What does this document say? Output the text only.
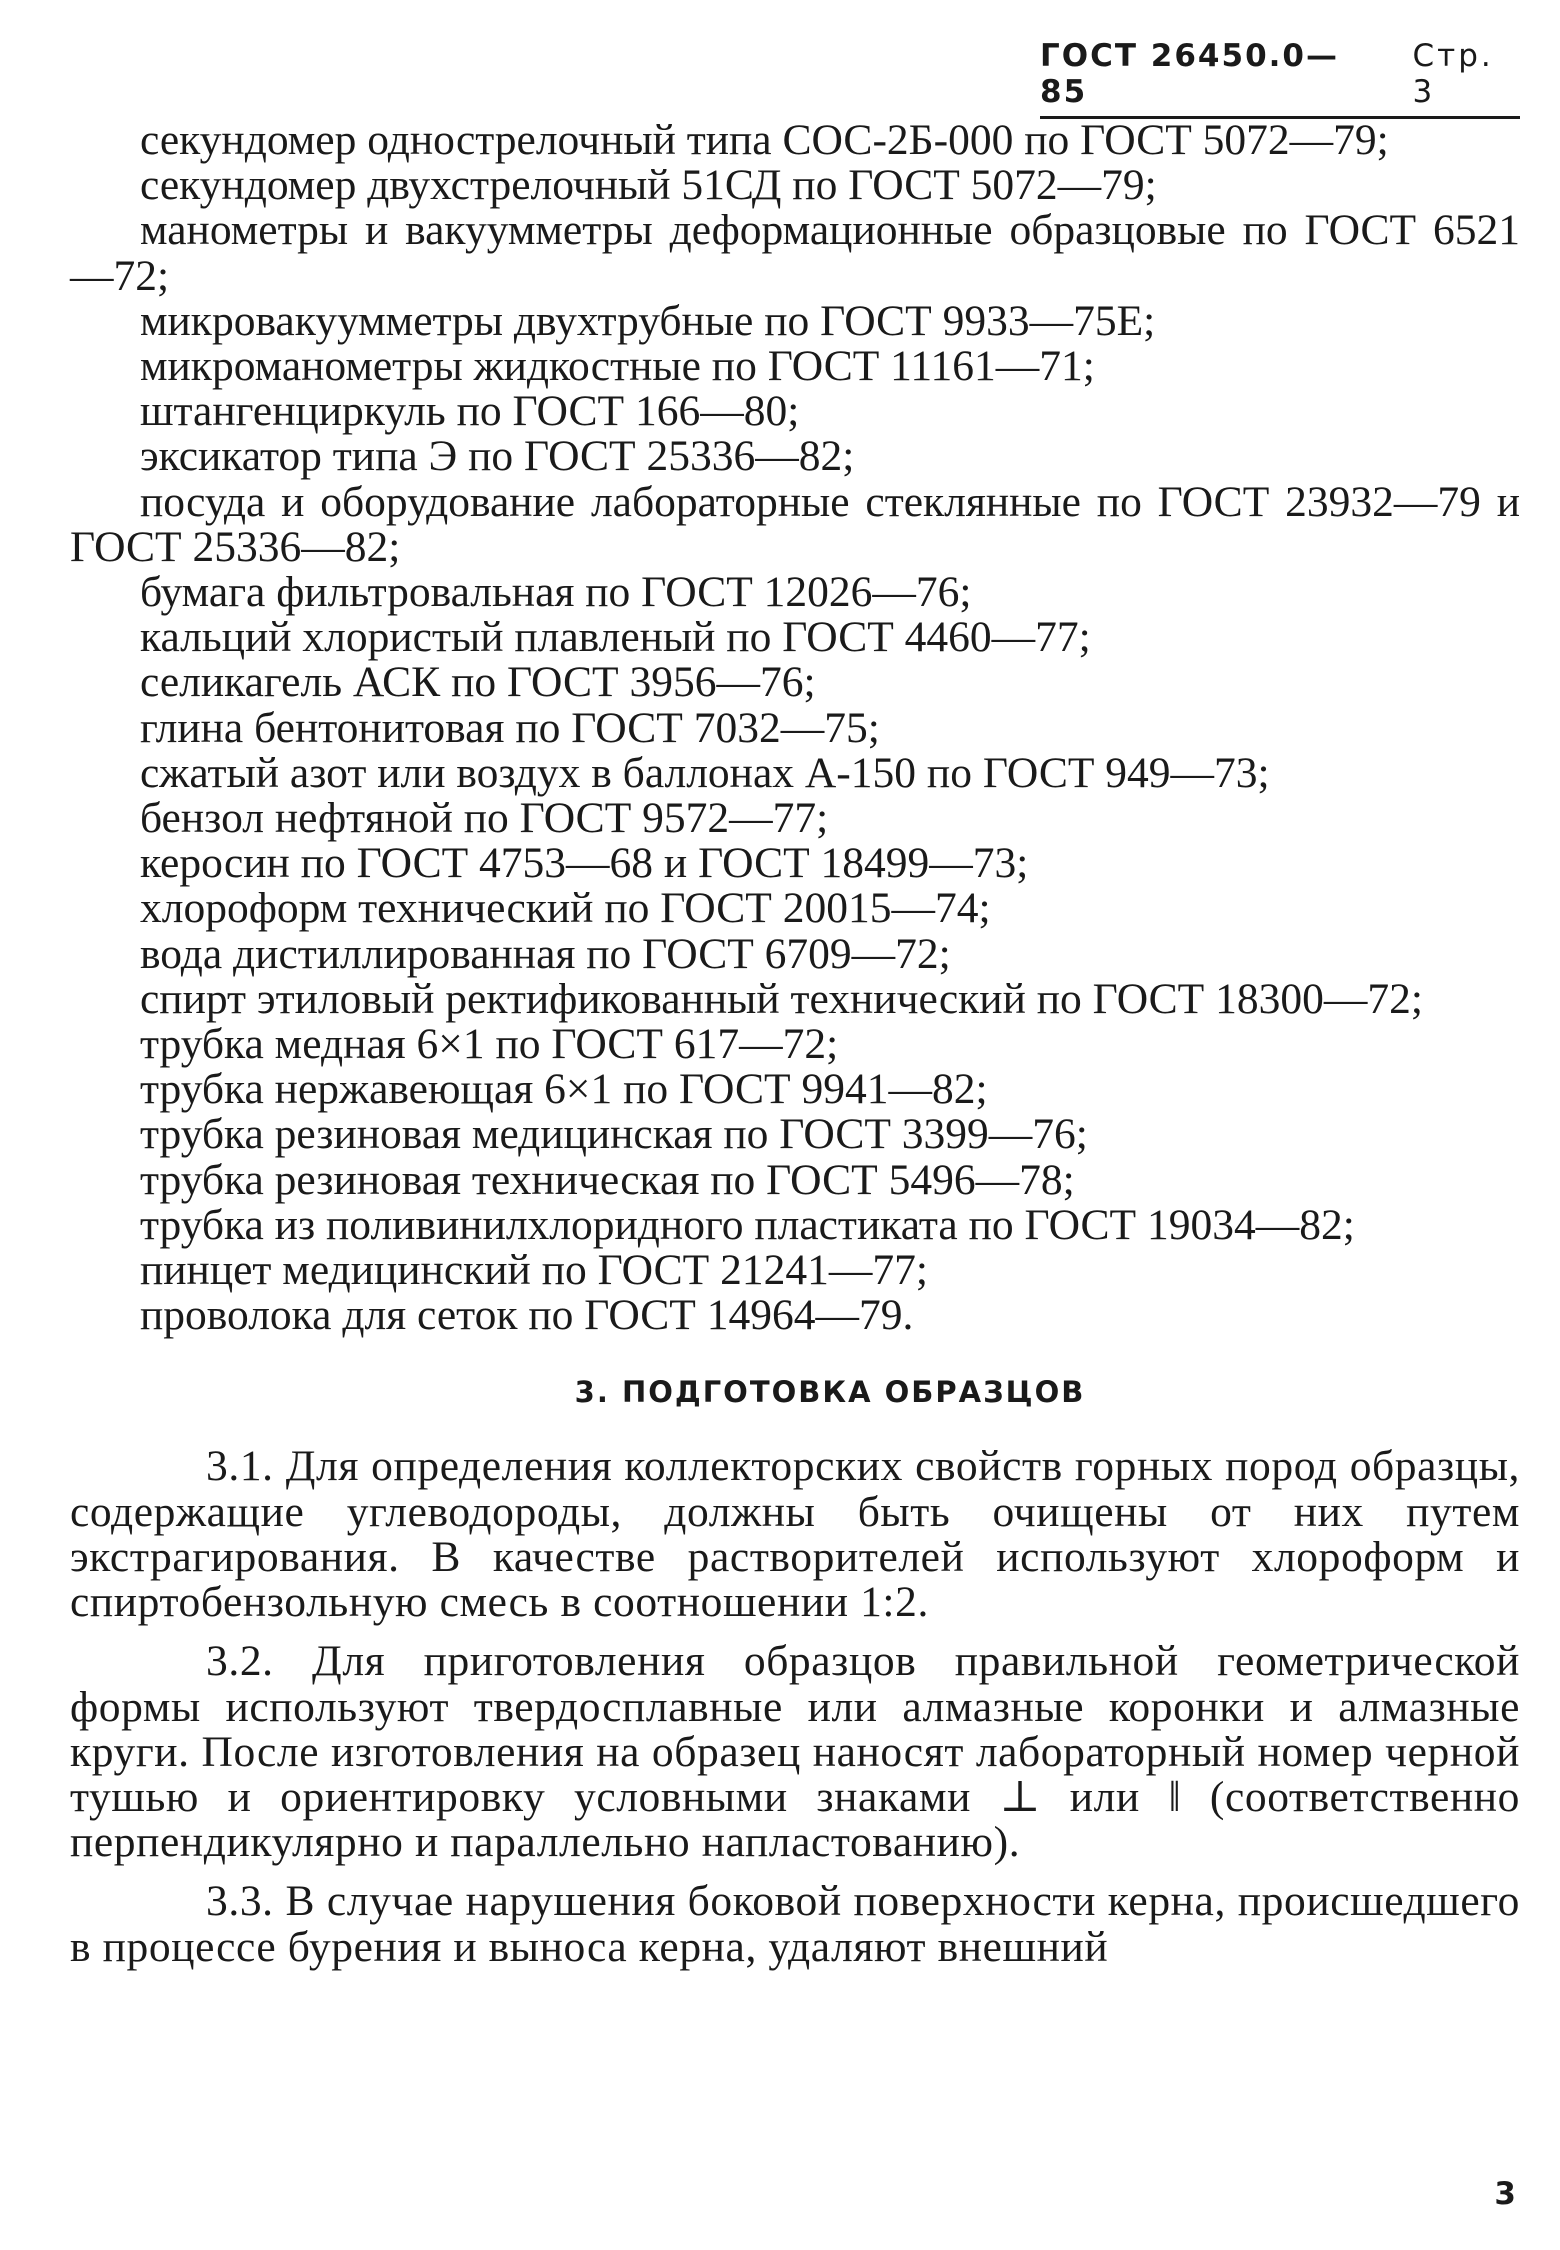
ГОСТ 26450.0—85
Стр. 3

секундомер однострелочный типа СОС-2Б-000 по ГОСТ 5072—79;

секундомер двухстрелочный 51СД по ГОСТ 5072—79;

манометры и вакуумметры деформационные образцовые по ГОСТ 6521—72;

микровакуумметры двухтрубные по ГОСТ 9933—75Е;

микроманометры жидкостные по ГОСТ 11161—71;

штангенциркуль по ГОСТ 166—80;

эксикатор типа Э по ГОСТ 25336—82;

посуда и оборудование лабораторные стеклянные по ГОСТ 23932—79 и ГОСТ 25336—82;

бумага фильтровальная по ГОСТ 12026—76;

кальций хлористый плавленый по ГОСТ 4460—77;

селикагель АСК по ГОСТ 3956—76;

глина бентонитовая по ГОСТ 7032—75;

сжатый азот или воздух в баллонах А-150 по ГОСТ 949—73;

бензол нефтяной по ГОСТ 9572—77;

керосин по ГОСТ 4753—68 и ГОСТ 18499—73;

хлороформ технический по ГОСТ 20015—74;

вода дистиллированная по ГОСТ 6709—72;

спирт этиловый ректификованный технический по ГОСТ 18300—72;

трубка медная 6×1 по ГОСТ 617—72;

трубка нержавеющая 6×1 по ГОСТ 9941—82;

трубка резиновая медицинская по ГОСТ 3399—76;

трубка резиновая техническая по ГОСТ 5496—78;

трубка из поливинилхлоридного пластиката по ГОСТ 19034—82;

пинцет медицинский по ГОСТ 21241—77;

проволока для сеток по ГОСТ 14964—79.

3. ПОДГОТОВКА ОБРАЗЦОВ

3.1. Для определения коллекторских свойств горных пород образцы, содержащие углеводороды, должны быть очищены от них путем экстрагирования. В качестве растворителей используют хлороформ и спиртобензольную смесь в соотношении 1:2.

3.2. Для приготовления образцов правильной геометрической формы используют твердосплавные или алмазные коронки и алмазные круги. После изготовления на образец наносят лабораторный номер черной тушью и ориентировку условными знаками ⊥ или ‖ (соответственно перпендикулярно и параллельно напластованию).

3.3. В случае нарушения боковой поверхности керна, происшедшего в процессе бурения и выноса керна, удаляют внешний

3
